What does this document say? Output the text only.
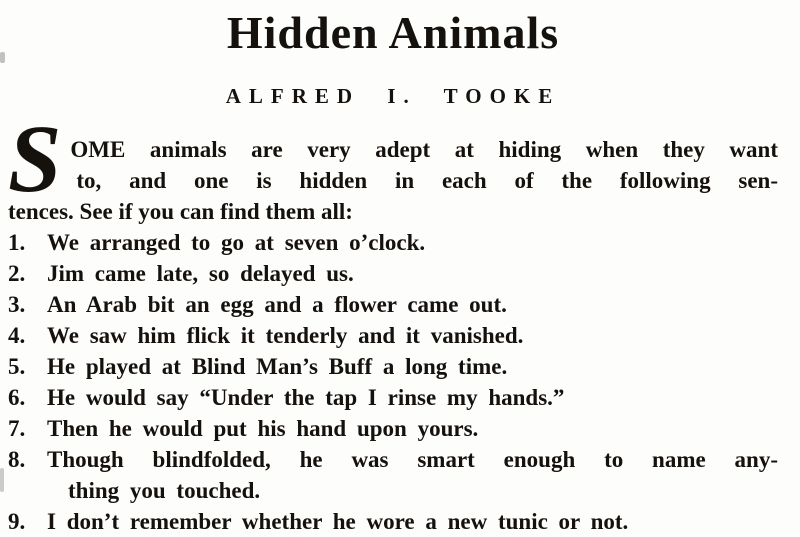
Hidden Animals
ALFRED I. TOOKE
S OME animals are very adept at hiding when they want
to, and one is hidden in each of the following sen-
tences. See if you can find them all:
1. We arranged to go at seven o’clock.
2. Jim came late, so delayed us.
3. An Arab bit an egg and a flower came out.
4. We saw him flick it tenderly and it vanished.
5. He played at Blind Man’s Buff a long time.
6. He would say “Under the tap I rinse my hands.”
7. Then he would put his hand upon yours.
8. Though blindfolded, he was smart enough to name any-
thing you touched.
9. I don’t remember whether he wore a new tunic or not.
